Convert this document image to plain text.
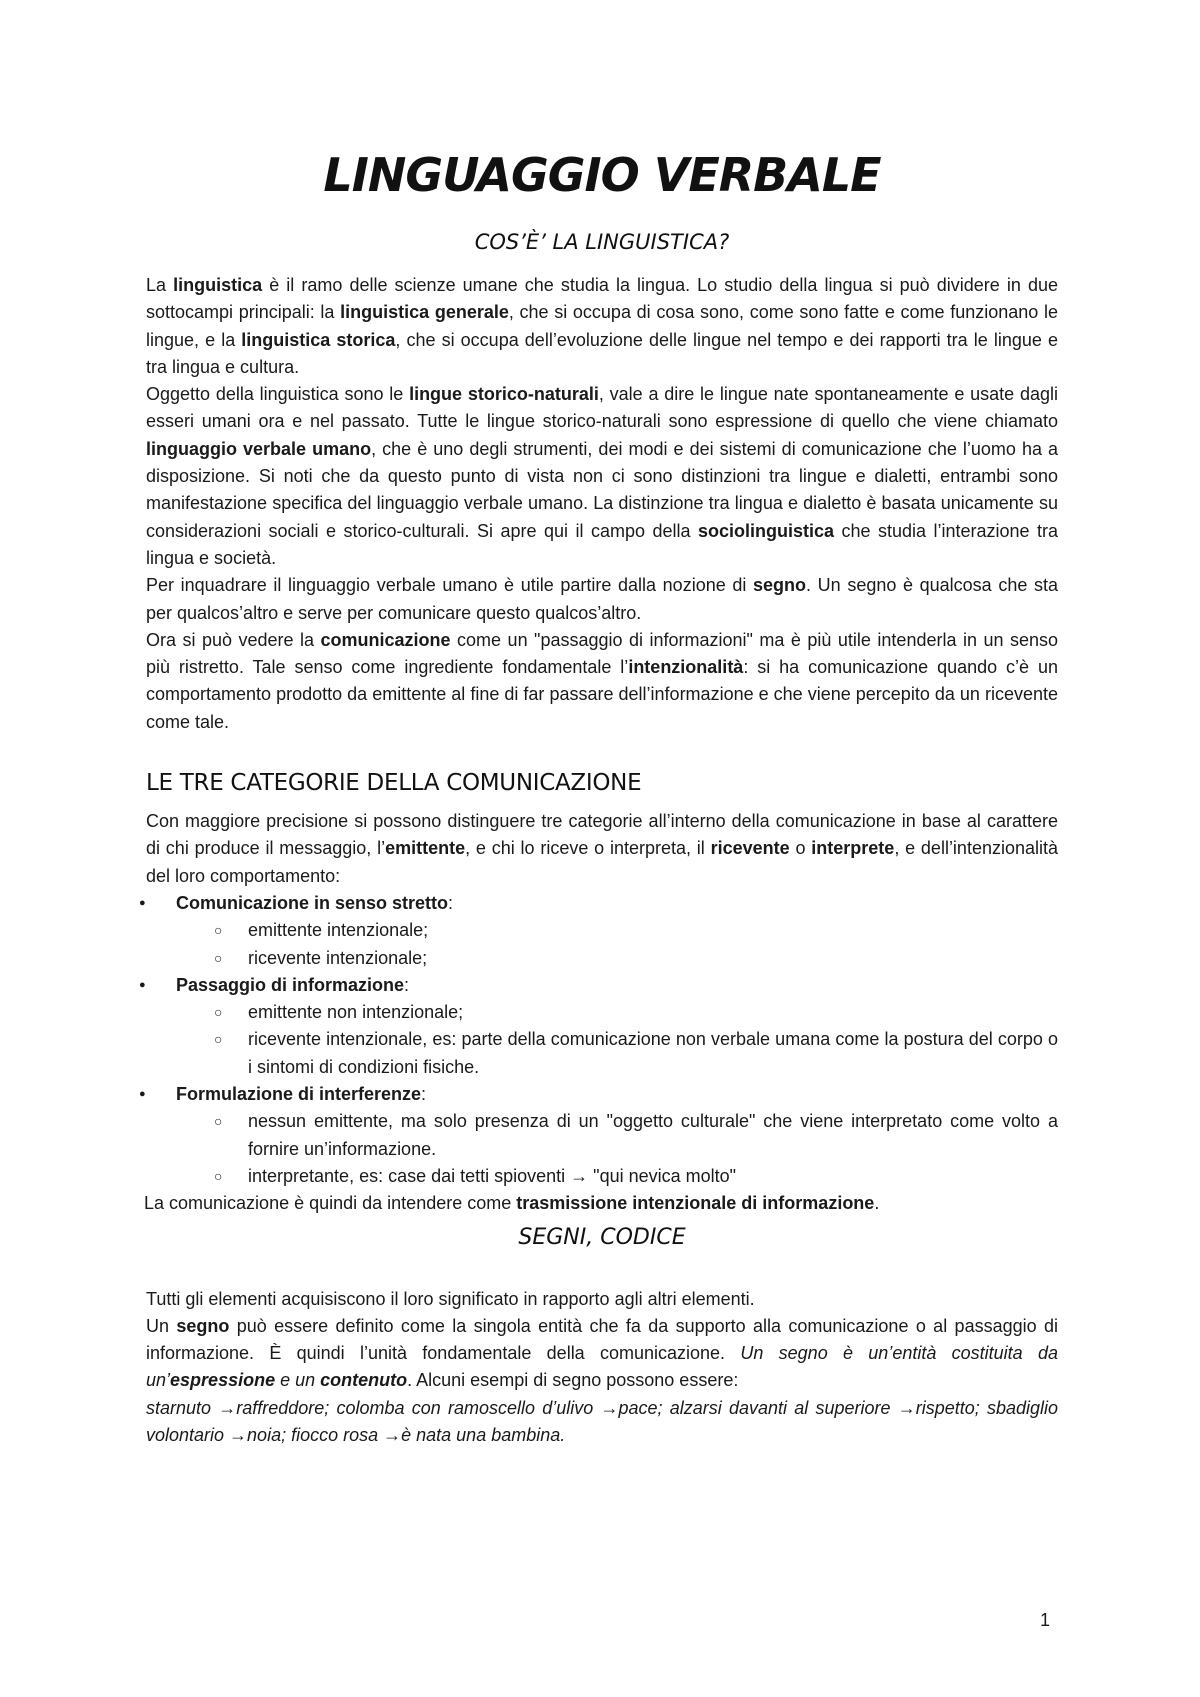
LINGUAGGIO VERBALE
COS’È’ LA LINGUISTICA?

La linguistica è il ramo delle scienze umane che studia la lingua. Lo studio della lingua si può dividere in due sottocampi principali: la linguistica generale, che si occupa di cosa sono, come sono fatte e come funzionano le lingue, e la linguistica storica, che si occupa dell’evoluzione delle lingue nel tempo e dei rapporti tra le lingue e tra lingua e cultura.

Oggetto della linguistica sono le lingue storico-naturali, vale a dire le lingue nate spontaneamente e usate dagli esseri umani ora e nel passato. Tutte le lingue storico-naturali sono espressione di quello che viene chiamato linguaggio verbale umano, che è uno degli strumenti, dei modi e dei sistemi di comunicazione che l’uomo ha a disposizione. Si noti che da questo punto di vista non ci sono distinzioni tra lingue e dialetti, entrambi sono manifestazione specifica del linguaggio verbale umano. La distinzione tra lingua e dialetto è basata unicamente su considerazioni sociali e storico-culturali. Si apre qui il campo della sociolinguistica che studia l’interazione tra lingua e società.

Per inquadrare il linguaggio verbale umano è utile partire dalla nozione di segno. Un segno è qualcosa che sta per qualcos’altro e serve per comunicare questo qualcos’altro.

Ora si può vedere la comunicazione come un "passaggio di informazioni" ma è più utile intenderla in un senso più ristretto. Tale senso come ingrediente fondamentale l’intenzionalità: si ha comunicazione quando c’è un comportamento prodotto da emittente al fine di far passare dell’informazione e che viene percepito da un ricevente come tale.

LE TRE CATEGORIE DELLA COMUNICAZIONE

Con maggiore precisione si possono distinguere tre categorie all’interno della comunicazione in base al carattere di chi produce il messaggio, l’emittente, e chi lo riceve o interpreta, il ricevente o interprete, e dell’intenzionalità del loro comportamento:

● Comunicazione in senso stretto:
○ emittente intenzionale;
○ ricevente intenzionale;
● Passaggio di informazione:
○ emittente non intenzionale;
○ ricevente intenzionale, es: parte della comunicazione non verbale umana come la postura del corpo o i sintomi di condizioni fisiche.
● Formulazione di interferenze:
○ nessun emittente, ma solo presenza di un "oggetto culturale" che viene interpretato come volto a fornire un’informazione.
○ interpretante, es: case dai tetti spioventi → "qui nevica molto"

La comunicazione è quindi da intendere come trasmissione intenzionale di informazione.

SEGNI, CODICE

Tutti gli elementi acquisiscono il loro significato in rapporto agli altri elementi.

Un segno può essere definito come la singola entità che fa da supporto alla comunicazione o al passaggio di informazione. È quindi l’unità fondamentale della comunicazione. Un segno è un’entità costituita da un’espressione e un contenuto. Alcuni esempi di segno possono essere:

starnuto →raffreddore; colomba con ramoscello d’ulivo →pace; alzarsi davanti al superiore →rispetto; sbadiglio volontario →noia; fiocco rosa →è nata una bambina.

1
